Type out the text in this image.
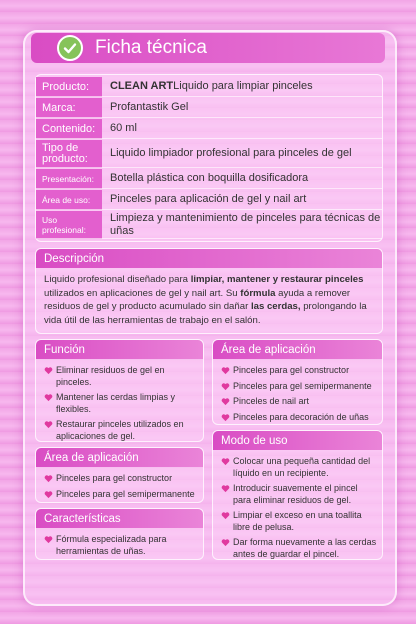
Ficha técnica
Producto:	CLEAN ART Liquido para limpiar pinceles
Marca:	Profantastik Gel
Contenido:	60 ml
Tipo de producto:	Liquido limpiador profesional para pinceles de gel
Presentación:	Botella plástica con boquilla dosificadora
Área de uso:	Pinceles para aplicación de gel y nail art
Uso profesional:
Limpieza y mantenimiento de pinceles para técnicas de uñas
Descripción
Liquido profesional diseñado para limpiar, mantener y restaurar pinceles utilizados en aplicaciones de gel y nail art. Su fórmula ayuda a remover residuos de gel y producto acumulado sin dañar las cerdas, prolongando la vida útil de las herramientas de trabajo en el salón.
Función
Eliminar residuos de gel en pinceles.
Mantener las cerdas limpias y flexibles.
Restaurar pinceles utilizados en aplicaciones de gel.
Área de aplicación
Pinceles para gel constructor
Pinceles para gel semipermanente
Características
Fórmula especializada para herramientas de uñas.
Área de aplicación
Pinceles para gel constructor
Pinceles para gel semipermanente
Pinceles de nail art
Pinceles para decoración de uñas
Modo de uso
Colocar una pequeña cantidad del líquido en un recipiente.
Introducir suavemente el pincel para eliminar residuos de gel.
Limpiar el exceso en una toallita libre de pelusa.
Dar forma nuevamente a las cerdas antes de guardar el pincel.
